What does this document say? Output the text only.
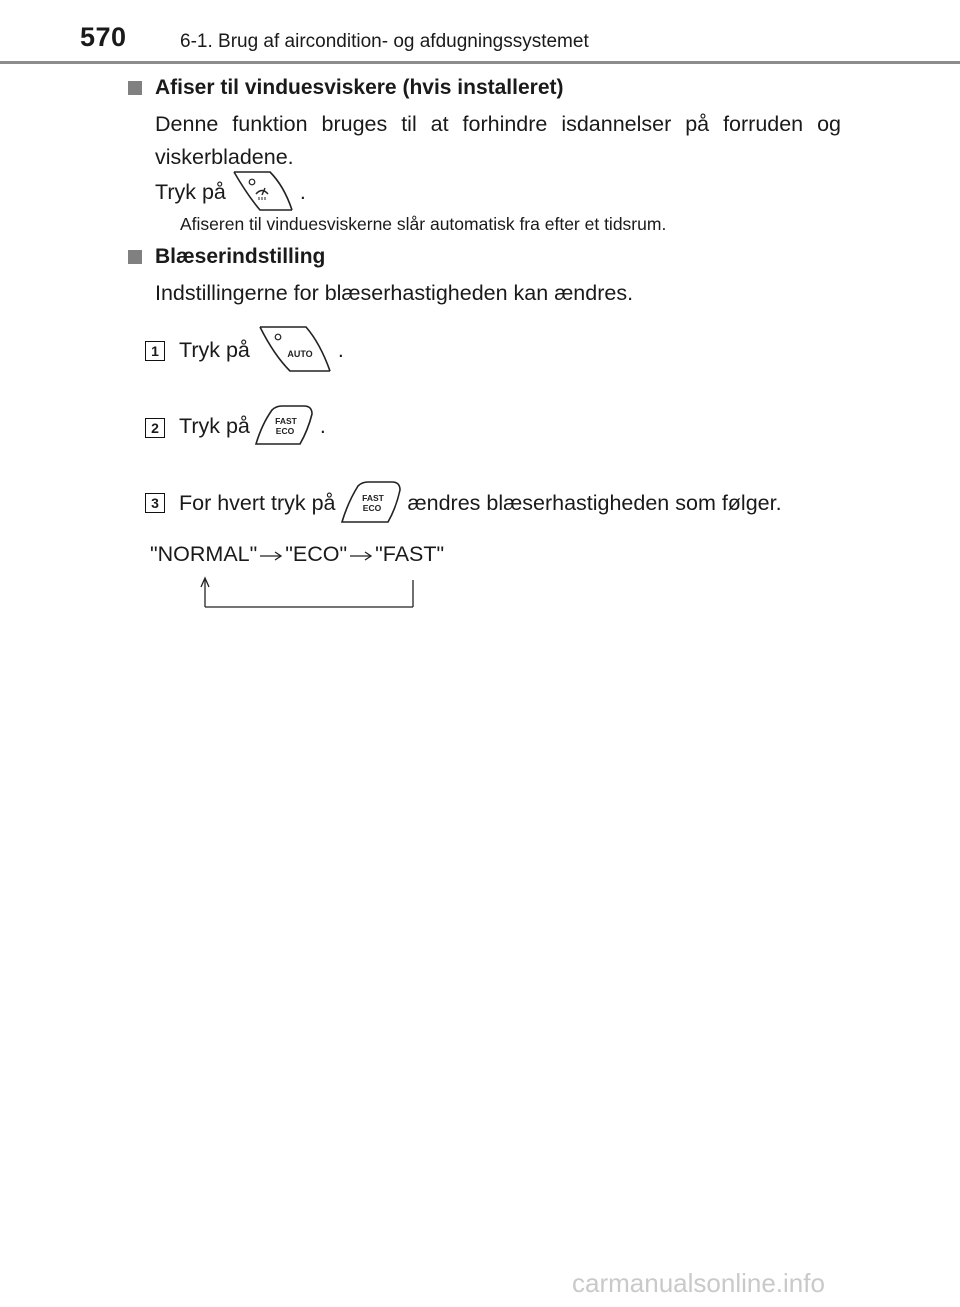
570	6-1. Brug af aircondition- og afdugningssystemet
Afiser til vinduesviskere (hvis installeret)
Denne funktion bruges til at forhindre isdannelser på forruden og viskerbladene.
Tryk på	.
Afiseren til vinduesviskerne slår automatisk fra efter et tidsrum.
Blæserindstilling
Indstillingerne for blæserhastigheden kan ændres.
1 Tryk på	AUTO .
2 Tryk på	FAST
ECO .
3 For hvert tryk på	FAST
ECO ændres blæserhastigheden som følger.
"NORMAL" "ECO" "FAST"
carmanualsonline.info
